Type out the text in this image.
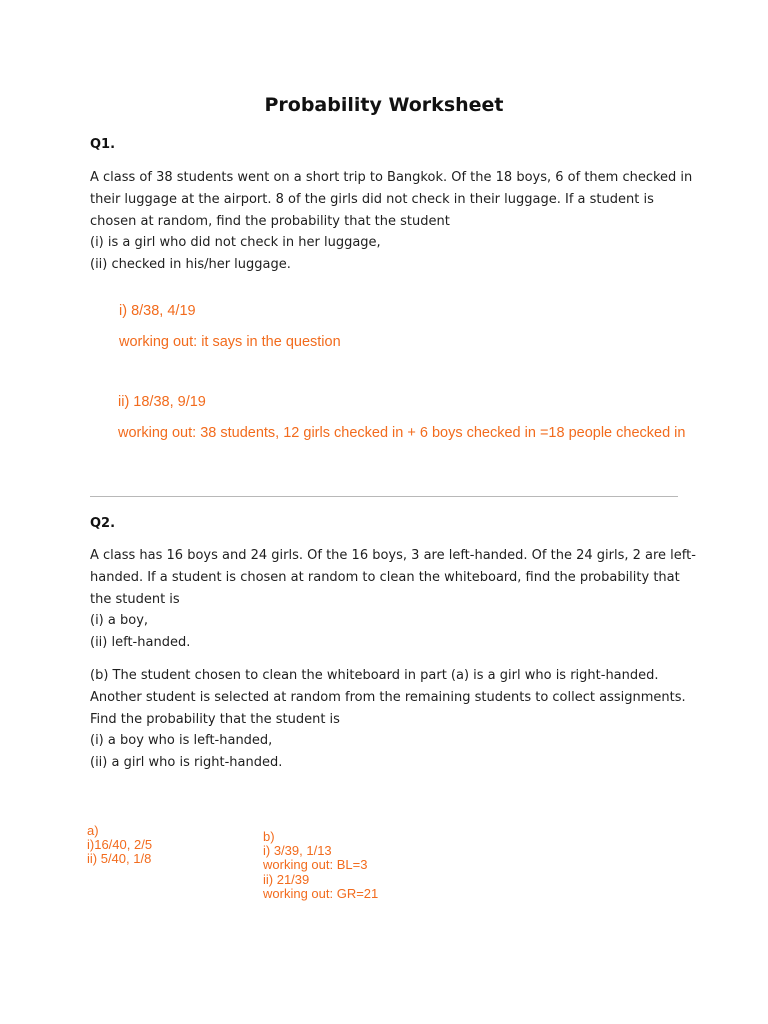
Probability Worksheet
Q1.
A class of 38 students went on a short trip to Bangkok. Of the 18 boys, 6 of them checked in
their luggage at the airport. 8 of the girls did not check in their luggage. If a student is
chosen at random, find the probability that the student
(i) is a girl who did not check in her luggage,
(ii) checked in his/her luggage.
i) 8/38, 4/19
working out: it says in the question
ii) 18/38, 9/19
working out: 38 students, 12 girls checked in + 6 boys checked in =18 people checked in
Q2.
A class has 16 boys and 24 girls. Of the 16 boys, 3 are left-handed. Of the 24 girls, 2 are left-
handed. If a student is chosen at random to clean the whiteboard, find the probability that
the student is
(i) a boy,
(ii) left-handed.
(b) The student chosen to clean the whiteboard in part (a) is a girl who is right-handed.
Another student is selected at random from the remaining students to collect assignments.
Find the probability that the student is
(i) a boy who is left-handed,
(ii) a girl who is right-handed.
a)
i)16/40, 2/5
ii) 5/40, 1/8
b)
i) 3/39, 1/13
working out: BL=3
ii) 21/39
working out: GR=21
